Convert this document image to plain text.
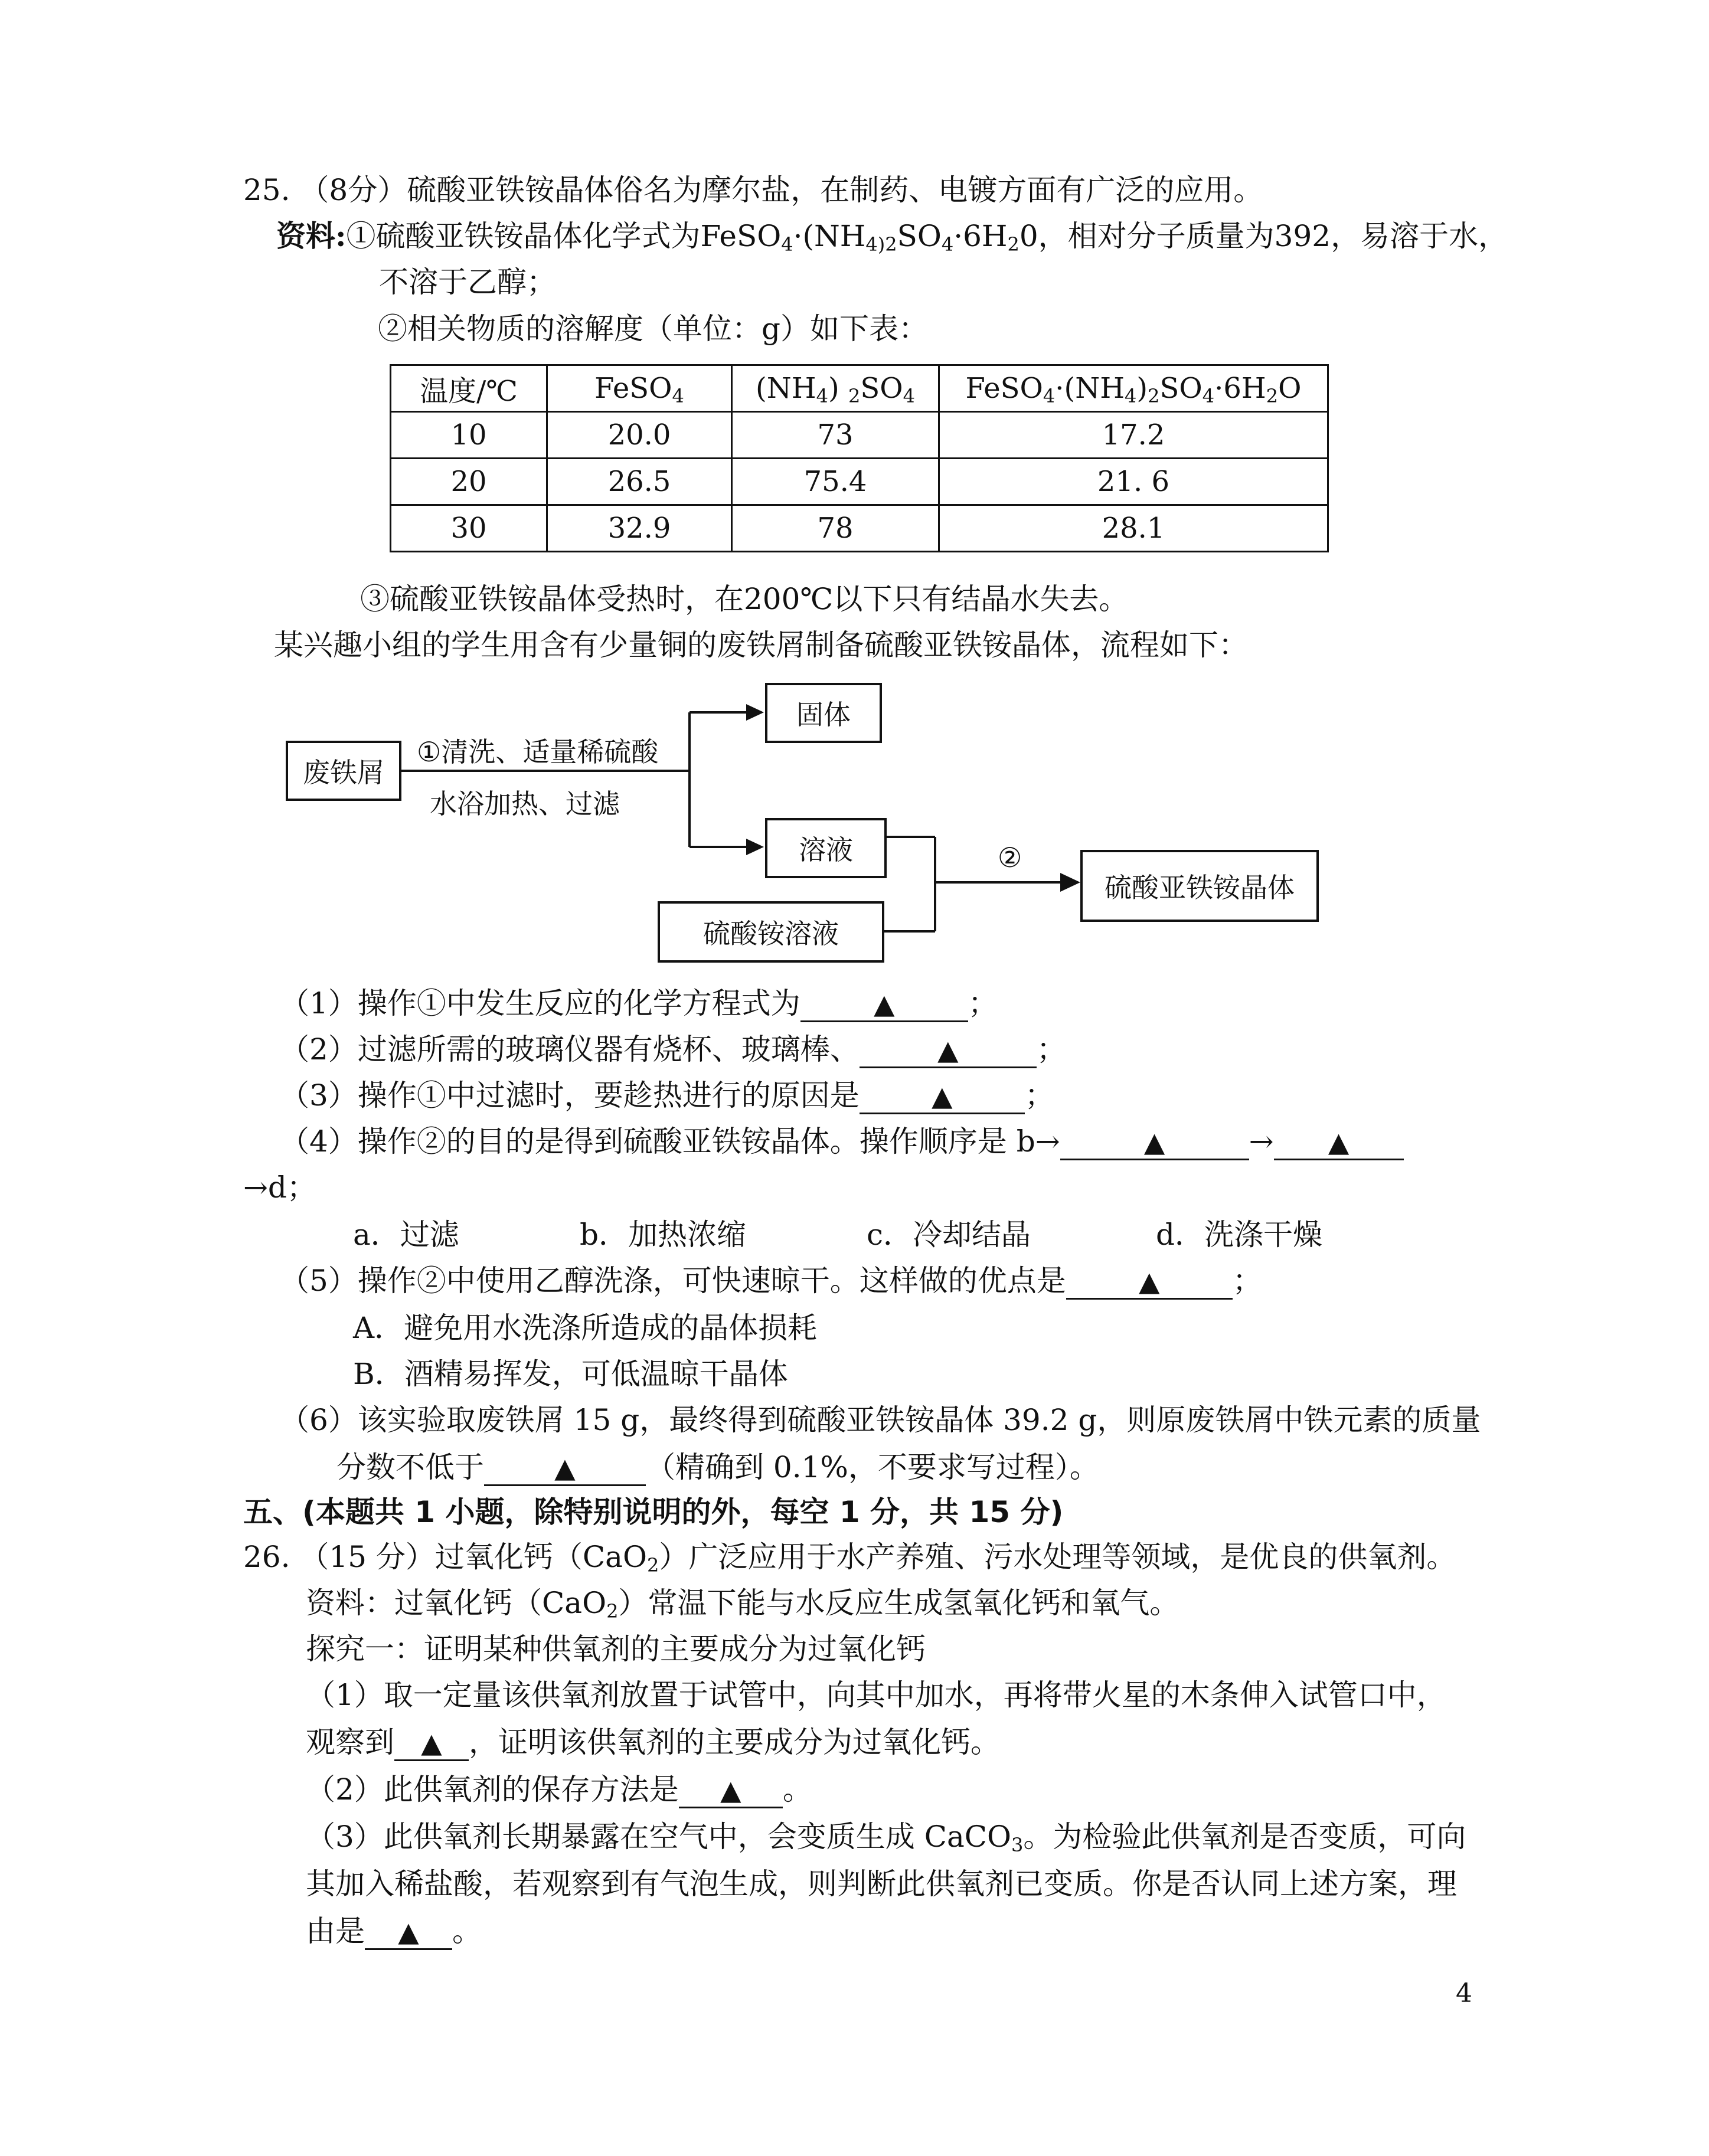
25. （8分）硫酸亚铁铵晶体俗名为摩尔盐，在制药、电镀方面有广泛的应用。
资料:①硫酸亚铁铵晶体化学式为$FeSO_4\cdot(NH_{4)2}SO_4\cdot 6H_20$，相对分子质量为392，易溶于水，
不溶于乙醇；
②相关物质的溶解度（单位：g）如下表：
温度/℃	FeSO$_4$	$(NH_4)$ $_2SO_4$	$FeSO_4\cdot(NH_4)_2SO_4\cdot 6H_2O$
10	20.0	73	17.2
20	26.5	75.4	21. 6
30	32.9	78	28.1
③硫酸亚铁铵晶体受热时，在200℃以下只有结晶水失去。
某兴趣小组的学生用含有少量铜的废铁屑制备硫酸亚铁铵晶体，流程如下：
废铁屑
①清洗、适量稀硫酸
水浴加热、过滤
固体
溶液
硫酸铵溶液
②
硫酸亚铁铵晶体
（1）操作①中发生反应的化学方程式为	▲ ；
（2）过滤所需的玻璃仪器有烧杯、玻璃棒、	▲	；
（3）操作①中过滤时，要趁热进行的原因是	▲ ；
（4）操作②的目的是得到硫酸亚铁铵晶体。操作顺序是 b→	▲	→ ▲
→d；
a．过滤	b．加热浓缩	c．冷却结晶	d．洗涤干燥
（5）操作②中使用乙醇洗涤，可快速晾干。这样做的优点是	▲ ；
A．避免用水洗涤所造成的晶体损耗
B．酒精易挥发，可低温晾干晶体
（6）该实验取废铁屑 15 g，最终得到硫酸亚铁铵晶体 39.2 g，则原废铁屑中铁元素的质量
分数不低于	▲ （精确到 0.1%，不要求写过程）。
五、(本题共 1 小题，除特别说明的外，每空 1 分，共 15 分)
26. （15 分）过氧化钙（CaO$_2$）广泛应用于水产养殖、污水处理等领域，是优良的供氧剂。
资料：过氧化钙（CaO$_2$）常温下能与水反应生成氢氧化钙和氧气。
探究一：证明某种供氧剂的主要成分为过氧化钙
（1）取一定量该供氧剂放置于试管中，向其中加水，再将带火星的木条伸入试管口中，
观察到 ▲ ，证明该供氧剂的主要成分为过氧化钙。
（2）此供氧剂的保存方法是 ▲ 。
（3）此供氧剂长期暴露在空气中，会变质生成 CaCO$_3$。为检验此供氧剂是否变质，可向
其加入稀盐酸，若观察到有气泡生成，则判断此供氧剂已变质。你是否认同上述方案，理
由是 ▲ 。
4
